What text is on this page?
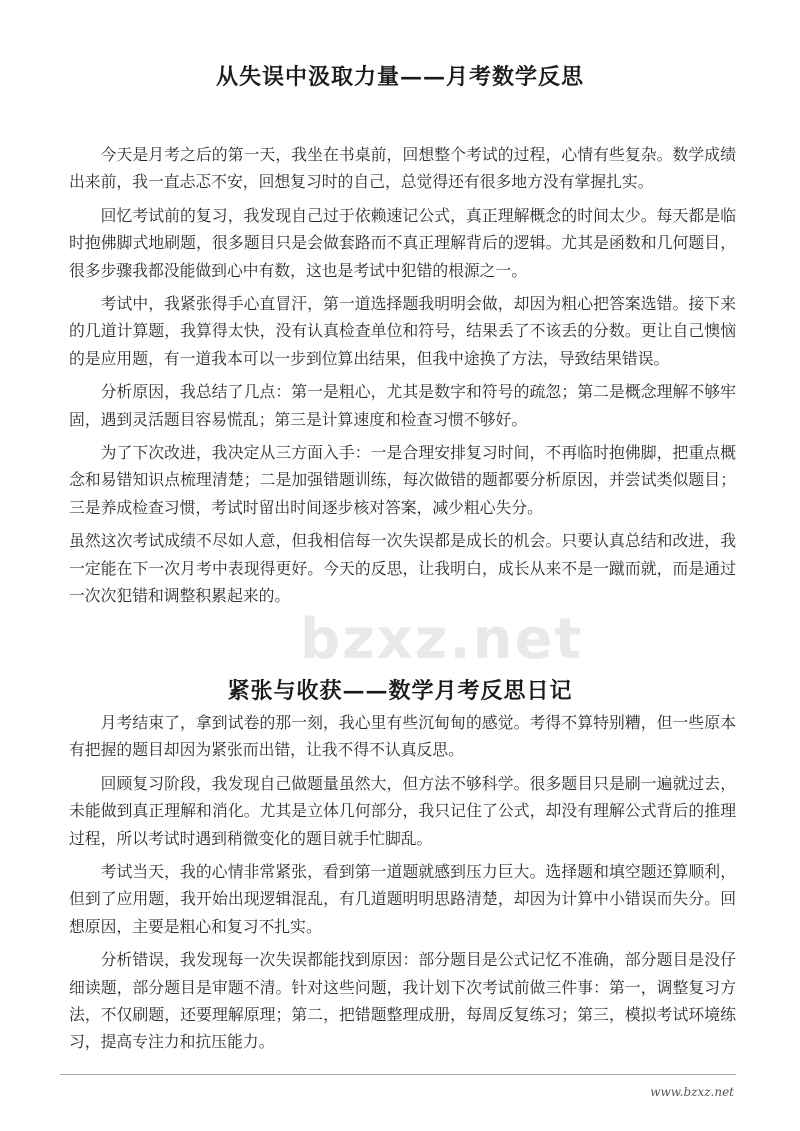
从失误中汲取力量——月考数学反思

今天是月考之后的第一天，我坐在书桌前，回想整个考试的过程，心情有些复杂。数学成绩出来前，我一直忐忑不安，回想复习时的自己，总觉得还有很多地方没有掌握扎实。

回忆考试前的复习，我发现自己过于依赖速记公式，真正理解概念的时间太少。每天都是临时抱佛脚式地刷题，很多题目只是会做套路而不真正理解背后的逻辑。尤其是函数和几何题目，很多步骤我都没能做到心中有数，这也是考试中犯错的根源之一。

考试中，我紧张得手心直冒汗，第一道选择题我明明会做，却因为粗心把答案选错。接下来的几道计算题，我算得太快，没有认真检查单位和符号，结果丢了不该丢的分数。更让自己懊恼的是应用题，有一道我本可以一步到位算出结果，但我中途换了方法，导致结果错误。

分析原因，我总结了几点：第一是粗心，尤其是数字和符号的疏忽；第二是概念理解不够牢固，遇到灵活题目容易慌乱；第三是计算速度和检查习惯不够好。

为了下次改进，我决定从三方面入手：一是合理安排复习时间，不再临时抱佛脚，把重点概念和易错知识点梳理清楚；二是加强错题训练，每次做错的题都要分析原因，并尝试类似题目；三是养成检查习惯，考试时留出时间逐步核对答案，减少粗心失分。

虽然这次考试成绩不尽如人意，但我相信每一次失误都是成长的机会。只要认真总结和改进，我一定能在下一次月考中表现得更好。今天的反思，让我明白，成长从来不是一蹴而就，而是通过一次次犯错和调整积累起来的。

bzxz.net
紧张与收获——数学月考反思日记

月考结束了，拿到试卷的那一刻，我心里有些沉甸甸的感觉。考得不算特别糟，但一些原本有把握的题目却因为紧张而出错，让我不得不认真反思。

回顾复习阶段，我发现自己做题量虽然大，但方法不够科学。很多题目只是刷一遍就过去，未能做到真正理解和消化。尤其是立体几何部分，我只记住了公式，却没有理解公式背后的推理过程，所以考试时遇到稍微变化的题目就手忙脚乱。

考试当天，我的心情非常紧张，看到第一道题就感到压力巨大。选择题和填空题还算顺利，但到了应用题，我开始出现逻辑混乱，有几道题明明思路清楚，却因为计算中小错误而失分。回想原因，主要是粗心和复习不扎实。

分析错误，我发现每一次失误都能找到原因：部分题目是公式记忆不准确，部分题目是没仔细读题，部分题目是审题不清。针对这些问题，我计划下次考试前做三件事：第一，调整复习方法，不仅刷题，还要理解原理；第二，把错题整理成册，每周反复练习；第三，模拟考试环境练习，提高专注力和抗压能力。

www.bzxz.net
